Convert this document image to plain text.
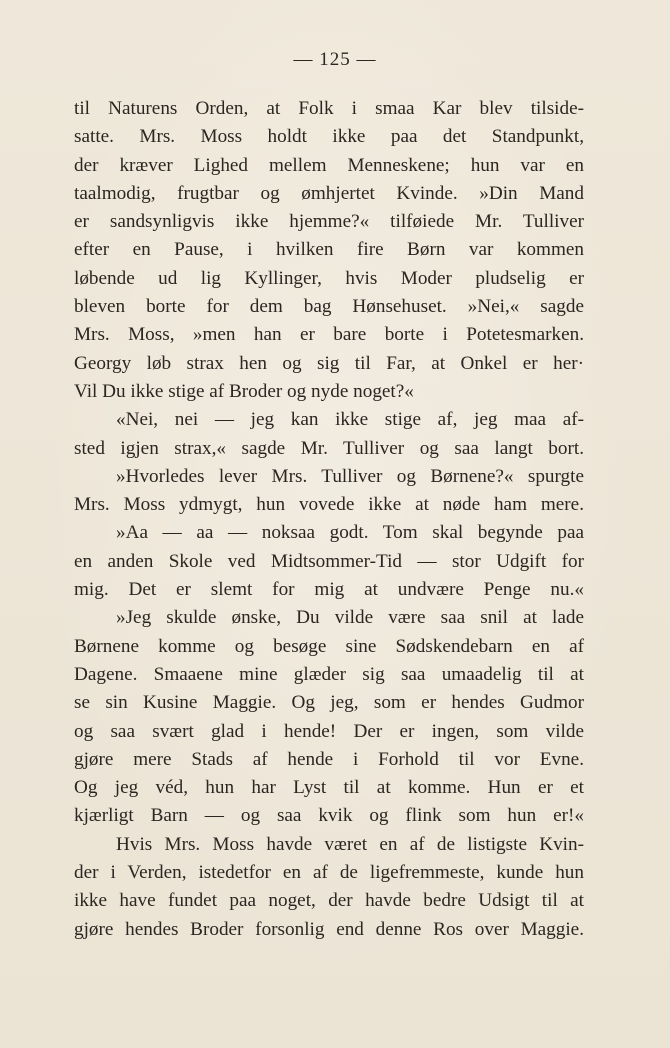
— 125 —
til Naturens Orden, at Folk i smaa Kar blev tilside-
satte. Mrs. Moss holdt ikke paa det Standpunkt,
der kræver Lighed mellem Menneskene; hun var en
taalmodig, frugtbar og ømhjertet Kvinde. »Din Mand
er sandsynligvis ikke hjemme?« tilføiede Mr. Tulliver
efter en Pause, i hvilken fire Børn var kommen
løbende ud lig Kyllinger, hvis Moder pludselig er
bleven borte for dem bag Hønsehuset. »Nei,« sagde
Mrs. Moss, »men han er bare borte i Potetesmarken.
Georgy løb strax hen og sig til Far, at Onkel er her·
Vil Du ikke stige af Broder og nyde noget?«
«Nei, nei — jeg kan ikke stige af, jeg maa af-
sted igjen strax,« sagde Mr. Tulliver og saa langt bort.
»Hvorledes lever Mrs. Tulliver og Børnene?« spurgte
Mrs. Moss ydmygt, hun vovede ikke at nøde ham mere.
»Aa — aa — noksaa godt. Tom skal begynde paa
en anden Skole ved Midtsommer-Tid — stor Udgift for
mig. Det er slemt for mig at undvære Penge nu.«
»Jeg skulde ønske, Du vilde være saa snil at lade
Børnene komme og besøge sine Sødskendebarn en af
Dagene. Smaaene mine glæder sig saa umaadelig til at
se sin Kusine Maggie. Og jeg, som er hendes Gudmor
og saa svært glad i hende! Der er ingen, som vilde
gjøre mere Stads af hende i Forhold til vor Evne.
Og jeg véd, hun har Lyst til at komme. Hun er et
kjærligt Barn — og saa kvik og flink som hun er!«
Hvis Mrs. Moss havde været en af de listigste Kvin-
der i Verden, istedetfor en af de ligefremmeste, kunde hun
ikke have fundet paa noget, der havde bedre Udsigt til at
gjøre hendes Broder forsonlig end denne Ros over Maggie.
